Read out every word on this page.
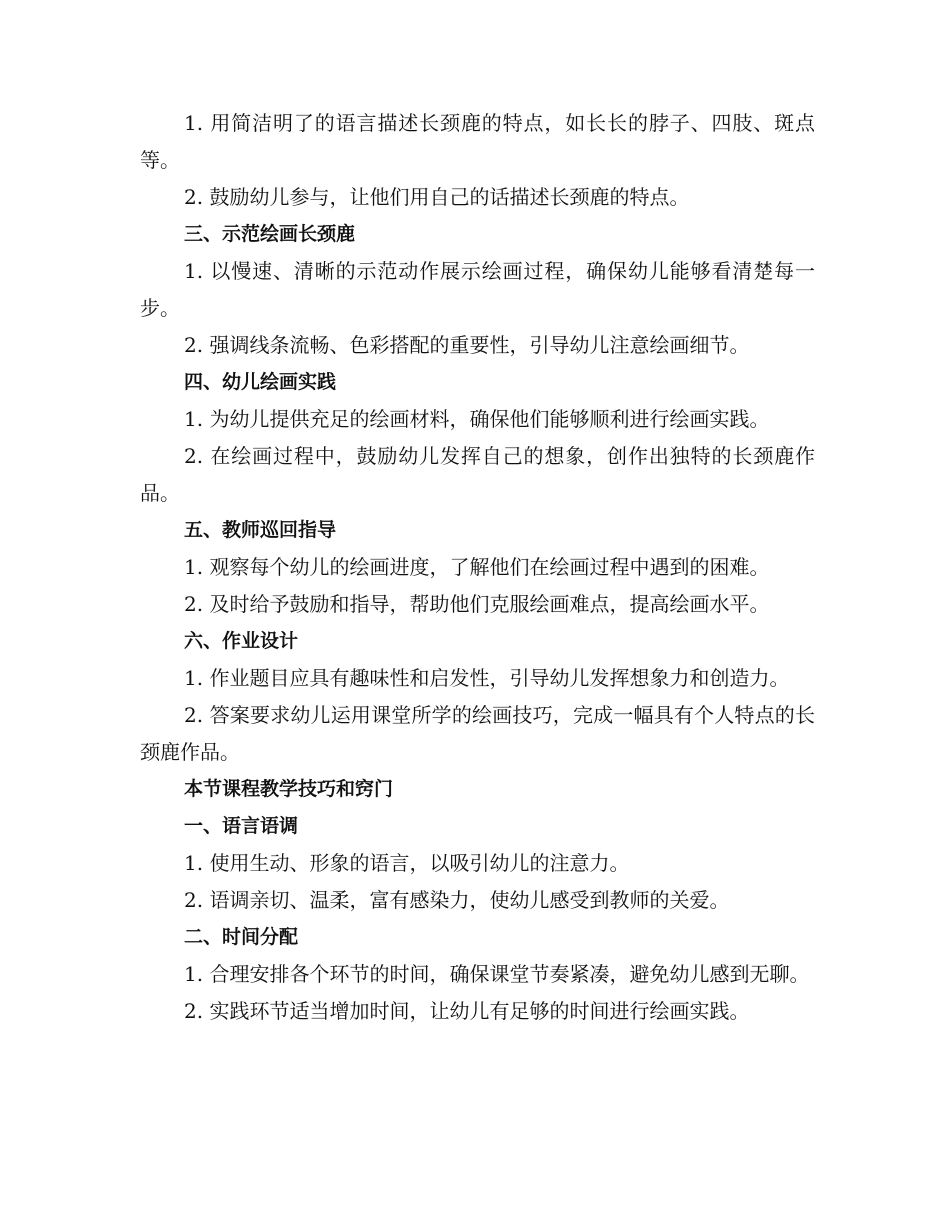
1. 用简洁明了的语言描述长颈鹿的特点，如长长的脖子、四肢、斑点等。

2. 鼓励幼儿参与，让他们用自己的话描述长颈鹿的特点。

三、示范绘画长颈鹿

1. 以慢速、清晰的示范动作展示绘画过程，确保幼儿能够看清楚每一步。

2. 强调线条流畅、色彩搭配的重要性，引导幼儿注意绘画细节。

四、幼儿绘画实践

1. 为幼儿提供充足的绘画材料，确保他们能够顺利进行绘画实践。

2. 在绘画过程中，鼓励幼儿发挥自己的想象，创作出独特的长颈鹿作品。

五、教师巡回指导

1. 观察每个幼儿的绘画进度，了解他们在绘画过程中遇到的困难。

2. 及时给予鼓励和指导，帮助他们克服绘画难点，提高绘画水平。

六、作业设计

1. 作业题目应具有趣味性和启发性，引导幼儿发挥想象力和创造力。

2. 答案要求幼儿运用课堂所学的绘画技巧，完成一幅具有个人特点的长颈鹿作品。

本节课程教学技巧和窍门

一、语言语调

1. 使用生动、形象的语言，以吸引幼儿的注意力。

2. 语调亲切、温柔，富有感染力，使幼儿感受到教师的关爱。

二、时间分配

1. 合理安排各个环节的时间，确保课堂节奏紧凑，避免幼儿感到无聊。

2. 实践环节适当增加时间，让幼儿有足够的时间进行绘画实践。
